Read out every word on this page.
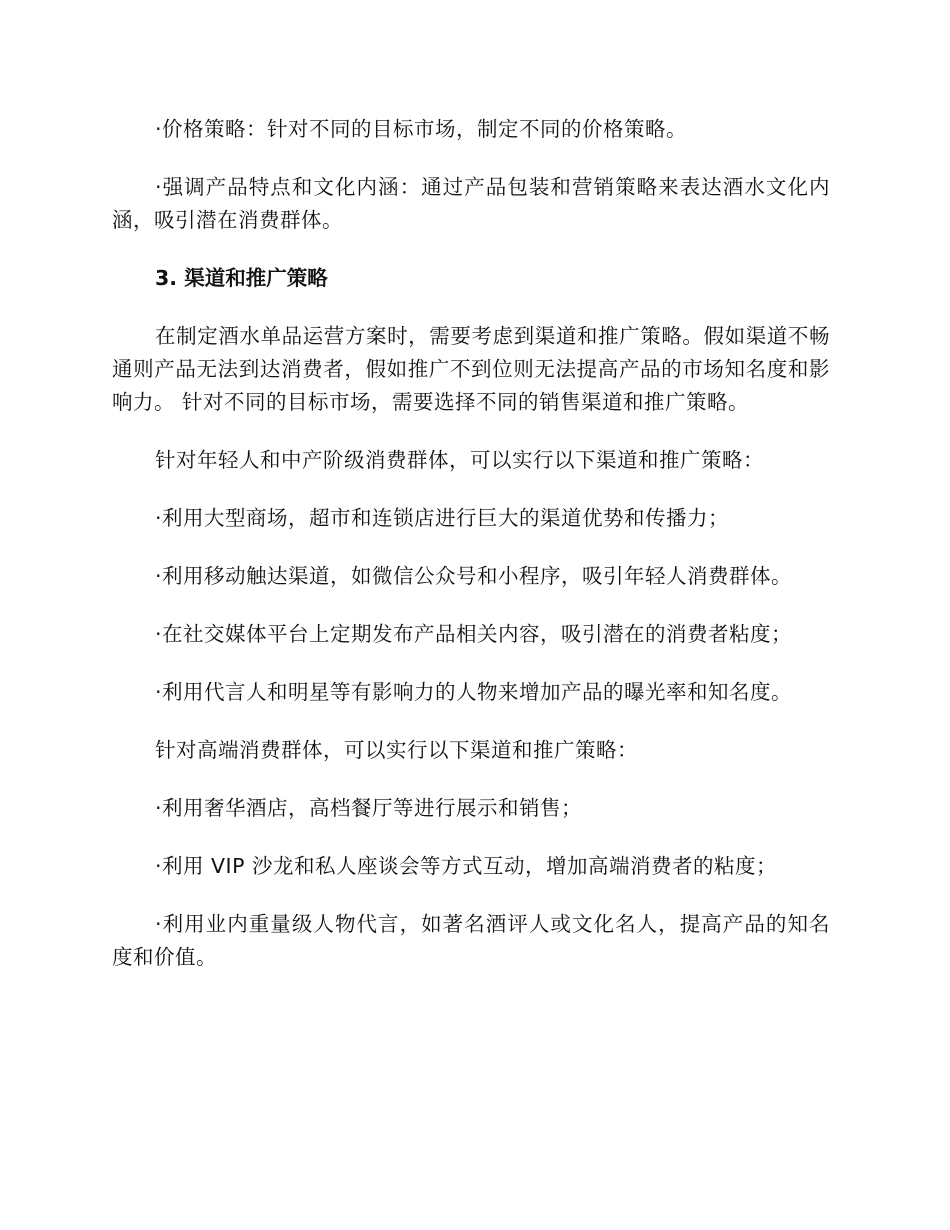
·价格策略：针对不同的目标市场，制定不同的价格策略。

·强调产品特点和文化内涵：通过产品包装和营销策略来表达酒水文化内涵，吸引潜在消费群体。

3. 渠道和推广策略

在制定酒水单品运营方案时，需要考虑到渠道和推广策略。假如渠道不畅通则产品无法到达消费者，假如推广不到位则无法提高产品的市场知名度和影响力。 针对不同的目标市场，需要选择不同的销售渠道和推广策略。

针对年轻人和中产阶级消费群体，可以实行以下渠道和推广策略：

·利用大型商场，超市和连锁店进行巨大的渠道优势和传播力；

·利用移动触达渠道，如微信公众号和小程序，吸引年轻人消费群体。

·在社交媒体平台上定期发布产品相关内容，吸引潜在的消费者粘度；

·利用代言人和明星等有影响力的人物来增加产品的曝光率和知名度。

针对高端消费群体，可以实行以下渠道和推广策略：

·利用奢华酒店，高档餐厅等进行展示和销售；

·利用 VIP 沙龙和私人座谈会等方式互动，增加高端消费者的粘度；

·利用业内重量级人物代言，如著名酒评人或文化名人，提高产品的知名度和价值。
